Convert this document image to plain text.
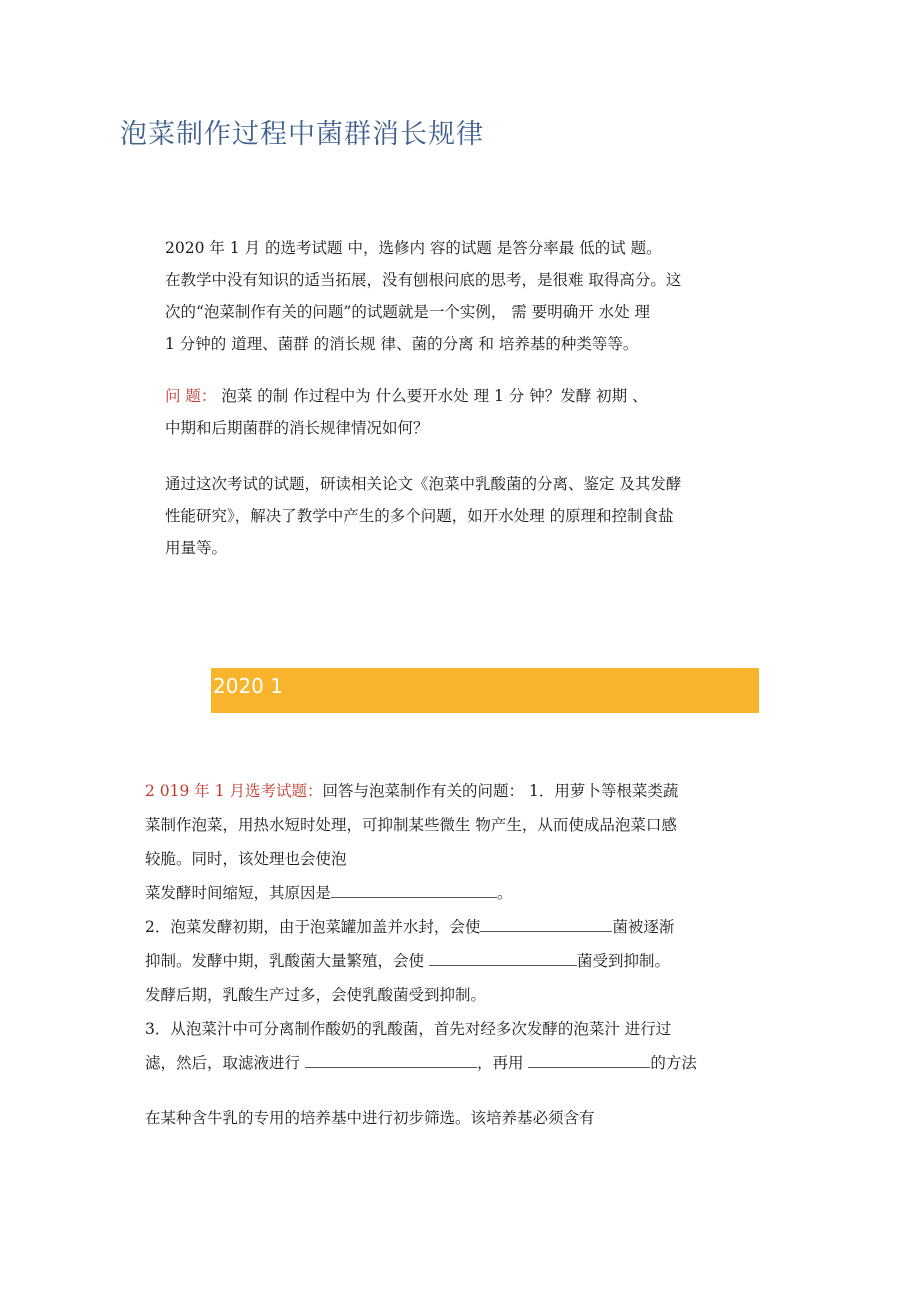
泡菜制作过程中菌群消长规律
2020 年 1 月 的选考试题 中，选修内 容的试题 是答分率最 低的试 题。
在教学中没有知识的适当拓展，没有刨根问底的思考，是很难 取得高分。这
次的“泡菜制作有关的问题”的试题就是一个实例， 需 要明确开 水处 理
1 分钟的 道理、菌群 的消长规 律、菌的分离 和 培养基的种类等等。
问 题： 泡菜 的制 作过程中为 什么要开水处 理 1 分 钟？发酵 初期 、
中期和后期菌群的消长规律情况如何？
通过这次考试的试题，研读相关论文《泡菜中乳酸菌的分离、鉴定 及其发酵
性能研究》，解决了教学中产生的多个问题，如开水处理 的原理和控制食盐
用量等。
2020 1
2 019 年 1 月选考试题：回答与泡菜制作有关的问题： 1．用萝卜等根菜类蔬
菜制作泡菜，用热水短时处理，可抑制某些微生 物产生，从而使成品泡菜口感
较脆。同时，该处理也会使泡
菜发酵时间缩短，其原因是	。
2．泡菜发酵初期，由于泡菜罐加盖并水封，会使	菌被逐渐
抑制。发酵中期，乳酸菌大量繁殖，会使	菌受到抑制。
发酵后期，乳酸生产过多，会使乳酸菌受到抑制。
3．从泡菜汁中可分离制作酸奶的乳酸菌，首先对经多次发酵的泡菜汁 进行过
滤，然后，取滤液进行	，再用	的方法
在某种含牛乳的专用的培养基中进行初步筛选。该培养基必须含有
